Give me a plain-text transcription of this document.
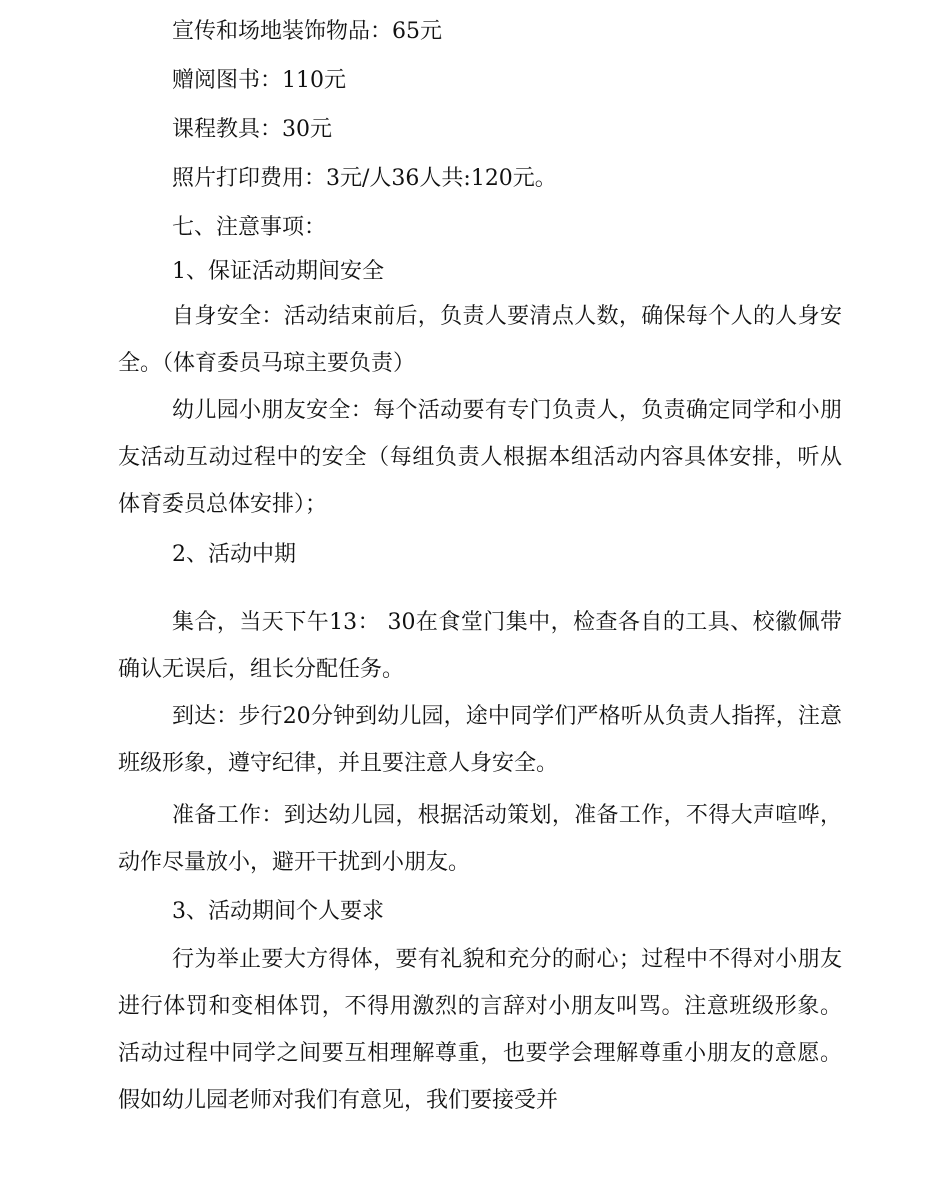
宣传和场地装饰物品：65元

赠阅图书：110元

课程教具：30元

照片打印费用：3元/人36人共:120元。

七、注意事项：

1、保证活动期间安全

自身安全：活动结束前后，负责人要清点人数，确保每个人的人身安全。（体育委员马琼主要负责）

幼儿园小朋友安全：每个活动要有专门负责人，负责确定同学和小朋友活动互动过程中的安全（每组负责人根据本组活动内容具体安排，听从体育委员总体安排）；

2、活动中期

集合，当天下午13： 30在食堂门集中，检查各自的工具、校徽佩带确认无误后，组长分配任务。

到达：步行20分钟到幼儿园，途中同学们严格听从负责人指挥，注意班级形象，遵守纪律，并且要注意人身安全。

准备工作：到达幼儿园，根据活动策划，准备工作，不得大声喧哗，动作尽量放小，避开干扰到小朋友。

3、活动期间个人要求

行为举止要大方得体，要有礼貌和充分的耐心；过程中不得对小朋友进行体罚和变相体罚，不得用激烈的言辞对小朋友叫骂。注意班级形象。活动过程中同学之间要互相理解尊重，也要学会理解尊重小朋友的意愿。假如幼儿园老师对我们有意见，我们要接受并
